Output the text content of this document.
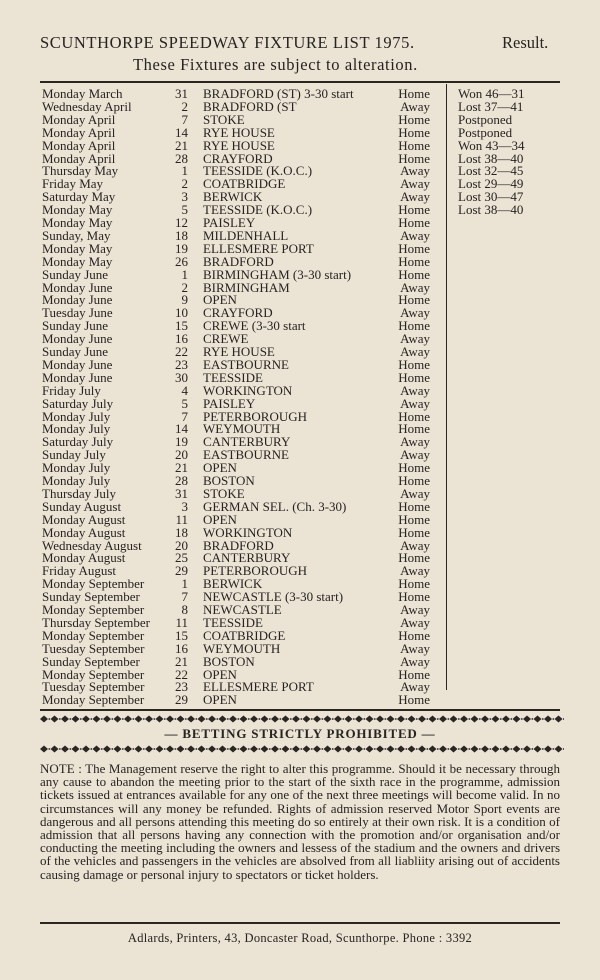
SCUNTHORPE SPEEDWAY FIXTURE LIST 1975.	Result.
These Fixtures are subject to alteration.
Monday March	31 BRADFORD (ST) 3-30 start	Home Won 46—31
Wednesday April	2 BRADFORD (ST	Away Lost 37—41
Monday April	7 STOKE	Home Postponed
Monday April	14 RYE HOUSE	Home Postponed
Monday April	21 RYE HOUSE	Home Won 43—34
Monday April	28 CRAYFORD	Home Lost 38—40
Thursday May	1 TEESSIDE (K.O.C.)	Away Lost 32—45
Friday May	2 COATBRIDGE	Away Lost 29—49
Saturday May	3 BERWICK	Away Lost 30—47
Monday May	5 TEESSIDE (K.O.C.)	Home Lost 38—40
Monday May	12 PAISLEY	Home
Sunday, May	18 MILDENHALL	Away
Monday May	19 ELLESMERE PORT	Home
Monday May	26 BRADFORD	Home
Sunday June	1 BIRMINGHAM (3-30 start)	Home
Monday June	2 BIRMINGHAM	Away
Monday June	9 OPEN	Home
Tuesday June	10 CRAYFORD	Away
Sunday June	15 CREWE (3-30 start	Home
Monday June	16 CREWE	Away
Sunday June	22 RYE HOUSE	Away
Monday June	23 EASTBOURNE	Home
Monday June	30 TEESSIDE	Home
Friday July	4 WORKINGTON	Away
Saturday July	5 PAISLEY	Away
Monday July	7 PETERBOROUGH	Home
Monday July	14 WEYMOUTH	Home
Saturday July	19 CANTERBURY	Away
Sunday July	20 EASTBOURNE	Away
Monday July	21 OPEN	Home
Monday July	28 BOSTON	Home
Thursday July	31 STOKE	Away
Sunday August	3 GERMAN SEL. (Ch. 3-30)	Home
Monday August	11 OPEN	Home
Monday August	18 WORKINGTON	Home
Wednesday August	20 BRADFORD	Away
Monday August	25 CANTERBURY	Home
Friday August	29 PETERBOROUGH	Away
Monday September	1 BERWICK	Home
Sunday September	7 NEWCASTLE (3-30 start)	Home
Monday September	8 NEWCASTLE	Away
Thursday September	11 TEESSIDE	Away
Monday September	15 COATBRIDGE	Home
Tuesday September	16 WEYMOUTH	Away
Sunday September	21 BOSTON	Away
Monday September	22 OPEN	Home
Tuesday September	23 ELLESMERE PORT	Away
Monday September	29 OPEN	Home
— BETTING STRICTLY PROHIBITED —
NOTE : The Management reserve the right to alter this programme. Should it be necessary through any cause to abandon the meeting prior to the start of the sixth race in the programme, admission tickets issued at entrances available for any one of the next three meetings will become valid. In no circumstances will any money be refunded. Rights of admission reserved Motor Sport events are dangerous and all persons attending this meeting do so entirely at their own risk. It is a condition of admission that all persons having any connection with the promotion and/or organisation and/or conducting the meeting including the owners and lessess of the stadium and the owners and drivers of the vehicles and passengers in the vehicles are absolved from all liabliity arising out of accidents causing damage or personal injury to spectators or ticket holders.
Adlards, Printers, 43, Doncaster Road, Scunthorpe. Phone : 3392
